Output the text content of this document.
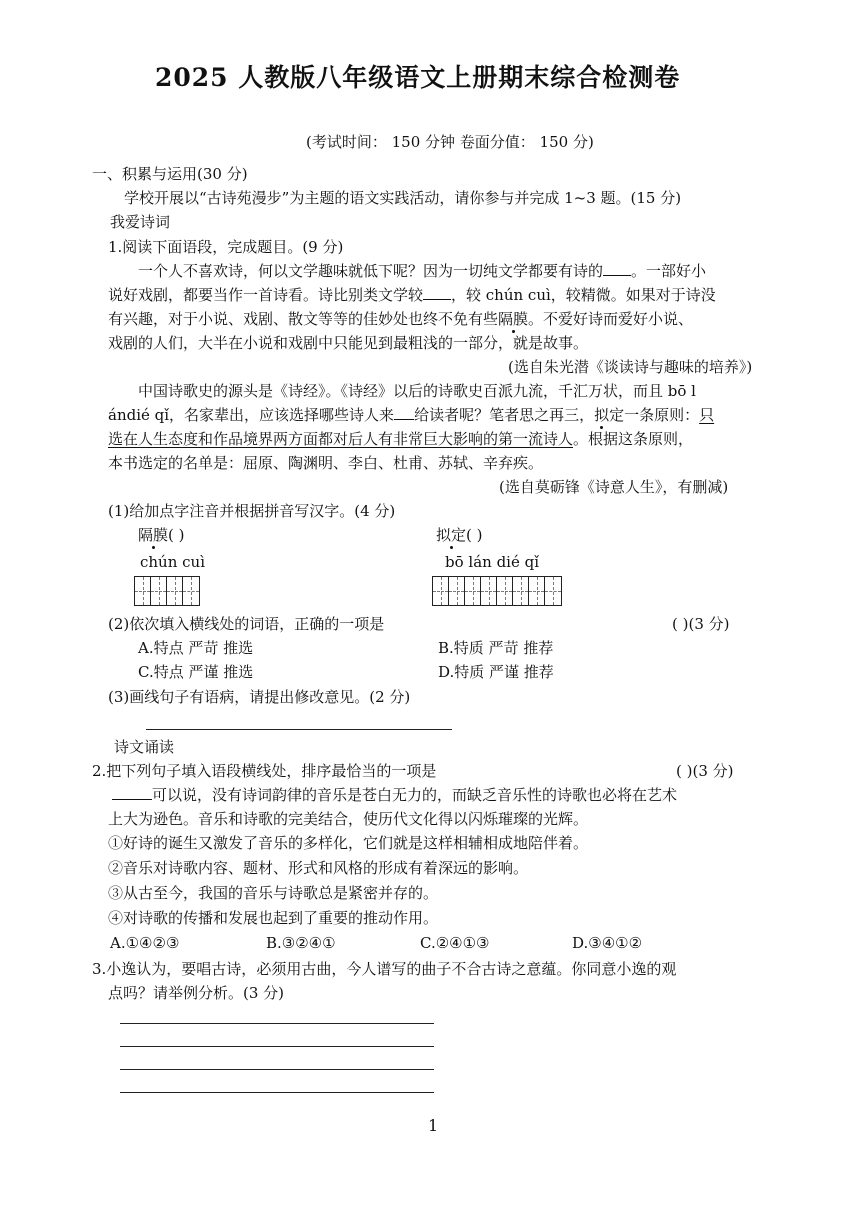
2025 人教版八年级语文上册期末综合检测卷
(考试时间： 150 分钟 卷面分值： 150 分)
一、积累与运用(30 分)
学校开展以“古诗苑漫步”为主题的语文实践活动，请你参与并完成 1~3 题。(15 分)
我爱诗词
1.阅读下面语段，完成题目。(9 分)
一个人不喜欢诗，何以文学趣味就低下呢？因为一切纯文学都要有诗的 。一部好小
说好戏剧，都要当作一首诗看。诗比别类文学较 ，较 chún cuì，较精微。如果对于诗没
有兴趣，对于小说、戏剧、散文等等的佳妙处也终不免有些隔膜。不爱好诗而爱好小说、
戏剧的人们，大半在小说和戏剧中只能见到最粗浅的一部分，就是故事。
(选自朱光潜《谈读诗与趣味的培养》)
中国诗歌史的源头是《诗经》。《诗经》以后的诗歌史百派九流，千汇万状，而且 bō l
ándié qǐ，名家辈出，应该选择哪些诗人来 给读者呢？笔者思之再三，拟定一条原则：只
选在人生态度和作品境界两方面都对后人有非常巨大影响的第一流诗人。根据这条原则，
本书选定的名单是：屈原、陶渊明、李白、杜甫、苏轼、辛弃疾。
(选自莫砺锋《诗意人生》，有删减)
(1)给加点字注音并根据拼音写汉字。(4 分)
隔膜( )	拟定( )
chún cuì	bō lán dié qǐ
(2)依次填入横线处的词语，正确的一项是	( )(3 分)
A.特点 严苛 推选	B.特质 严苛 推荐
C.特点 严谨 推选	D.特质 严谨 推荐
(3)画线句子有语病，请提出修改意见。(2 分)
诗文诵读
2.把下列句子填入语段横线处，排序最恰当的一项是	( )(3 分)
可以说，没有诗词韵律的音乐是苍白无力的，而缺乏音乐性的诗歌也必将在艺术
上大为逊色。音乐和诗歌的完美结合，使历代文化得以闪烁璀璨的光辉。
①好诗的诞生又激发了音乐的多样化，它们就是这样相辅相成地陪伴着。
②音乐对诗歌内容、题材、形式和风格的形成有着深远的影响。
③从古至今，我国的音乐与诗歌总是紧密并存的。
④对诗歌的传播和发展也起到了重要的推动作用。
A.①④②③	B.③②④①	C.②④①③	D.③④①②
3.小逸认为，要唱古诗，必须用古曲，今人谱写的曲子不合古诗之意蕴。你同意小逸的观
点吗？请举例分析。(3 分)
1
